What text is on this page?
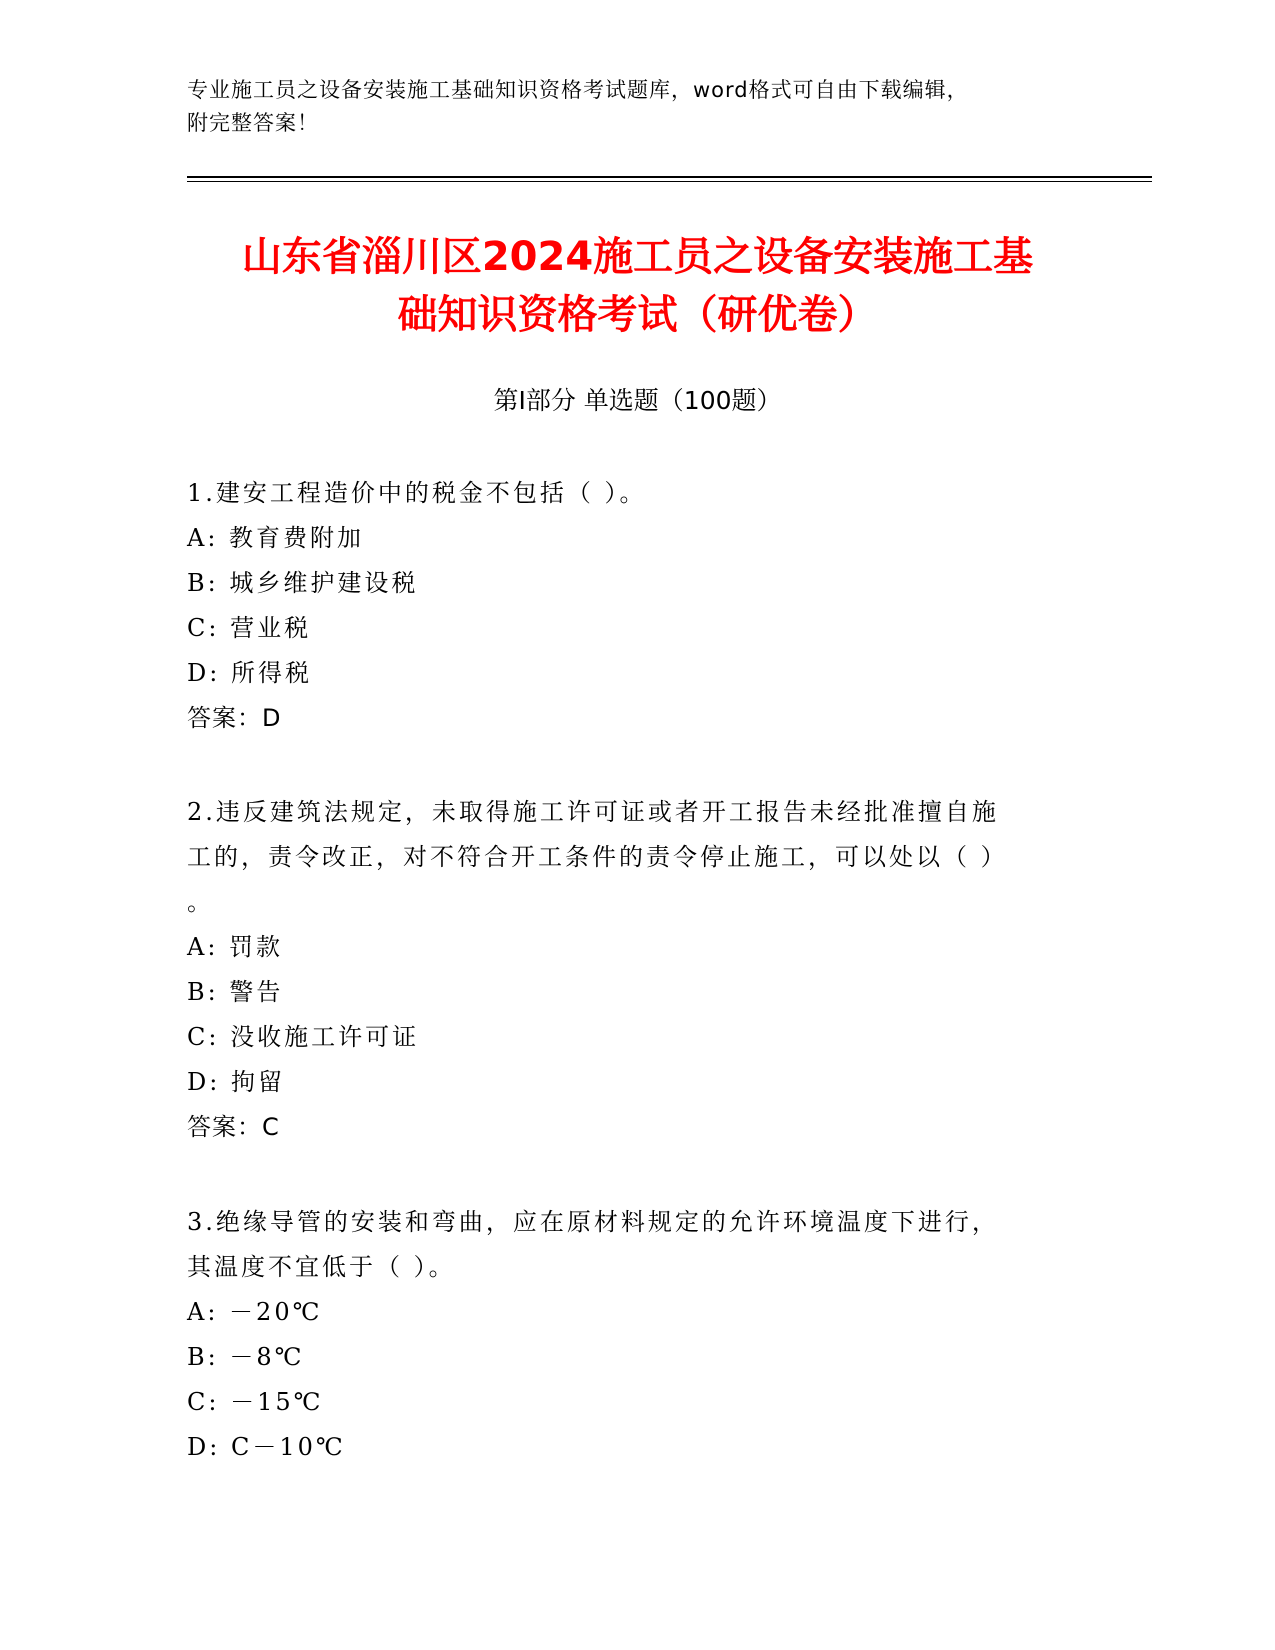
专业施工员之设备安装施工基础知识资格考试题库，word格式可自由下载编辑，
附完整答案！
山东省淄川区2024施工员之设备安装施工基
础知识资格考试（研优卷）
第Ⅰ部分 单选题（100题）
1.建安工程造价中的税金不包括（ ）。
A: 教育费附加
B: 城乡维护建设税
C: 营业税
D: 所得税
答案：D
2.违反建筑法规定，未取得施工许可证或者开工报告未经批准擅自施
工的，责令改正，对不符合开工条件的责令停止施工，可以处以（ ）
。
A: 罚款
B: 警告
C: 没收施工许可证
D: 拘留
答案：C
3.绝缘导管的安装和弯曲，应在原材料规定的允许环境温度下进行，
其温度不宜低于（ ）。
A: －20℃
B: －8℃
C: －15℃
D: C－10℃
